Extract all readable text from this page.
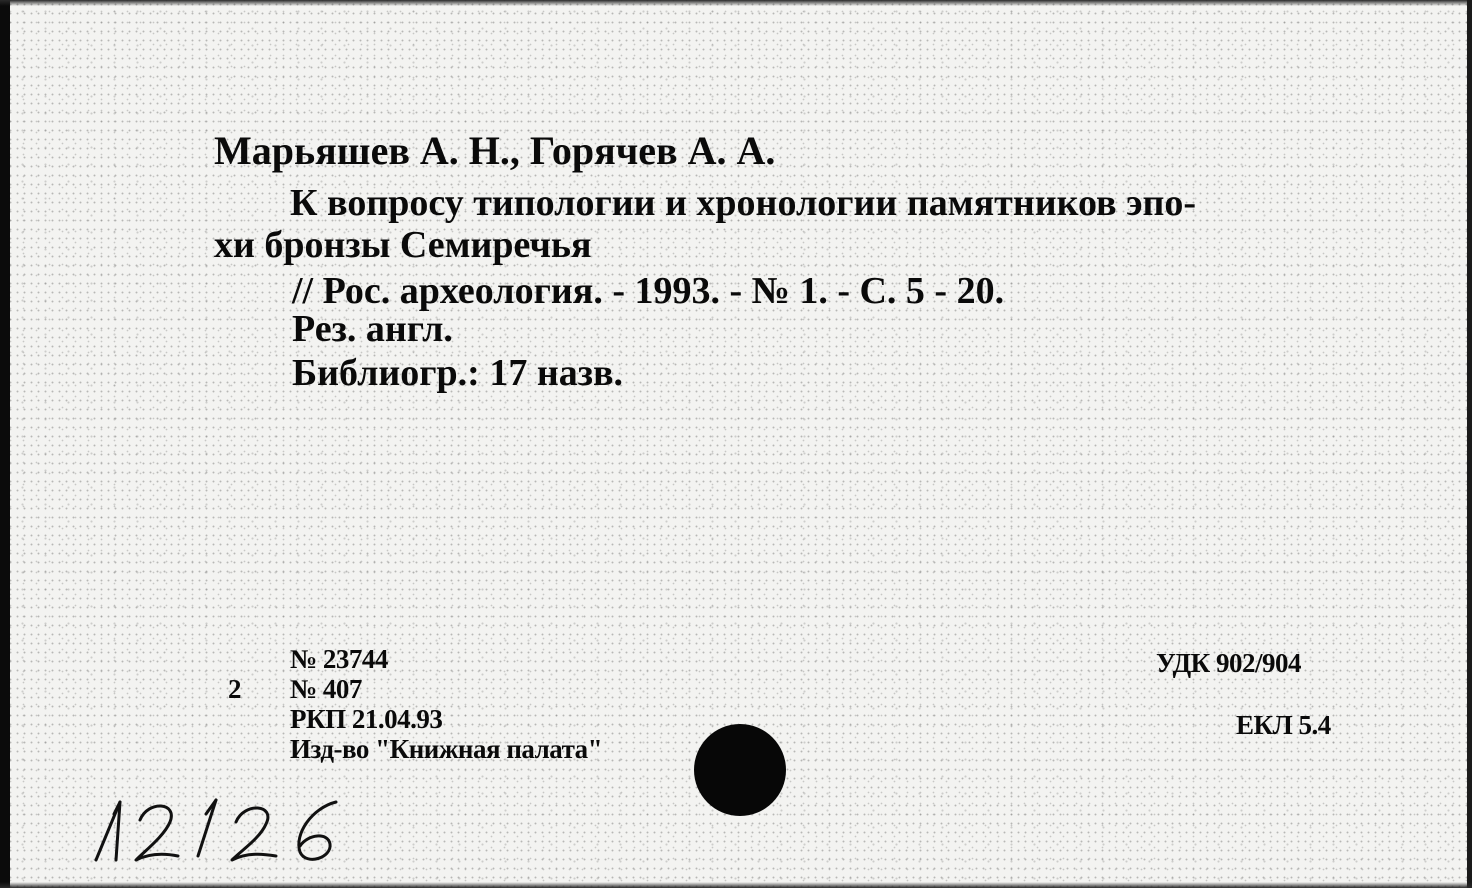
Марьяшев А. Н., Горячев А. А.
К вопросу типологии и хронологии памятников эпо-
хи бронзы Семиречья
// Рос. археология. - 1993. - № 1. - С. 5 - 20.
Рез. англ.
Библиогр.: 17 назв.
2
№ 23744
№ 407
РКП 21.04.93
Изд-во "Книжная палата"
УДК 902/904
ЕКЛ 5.4
